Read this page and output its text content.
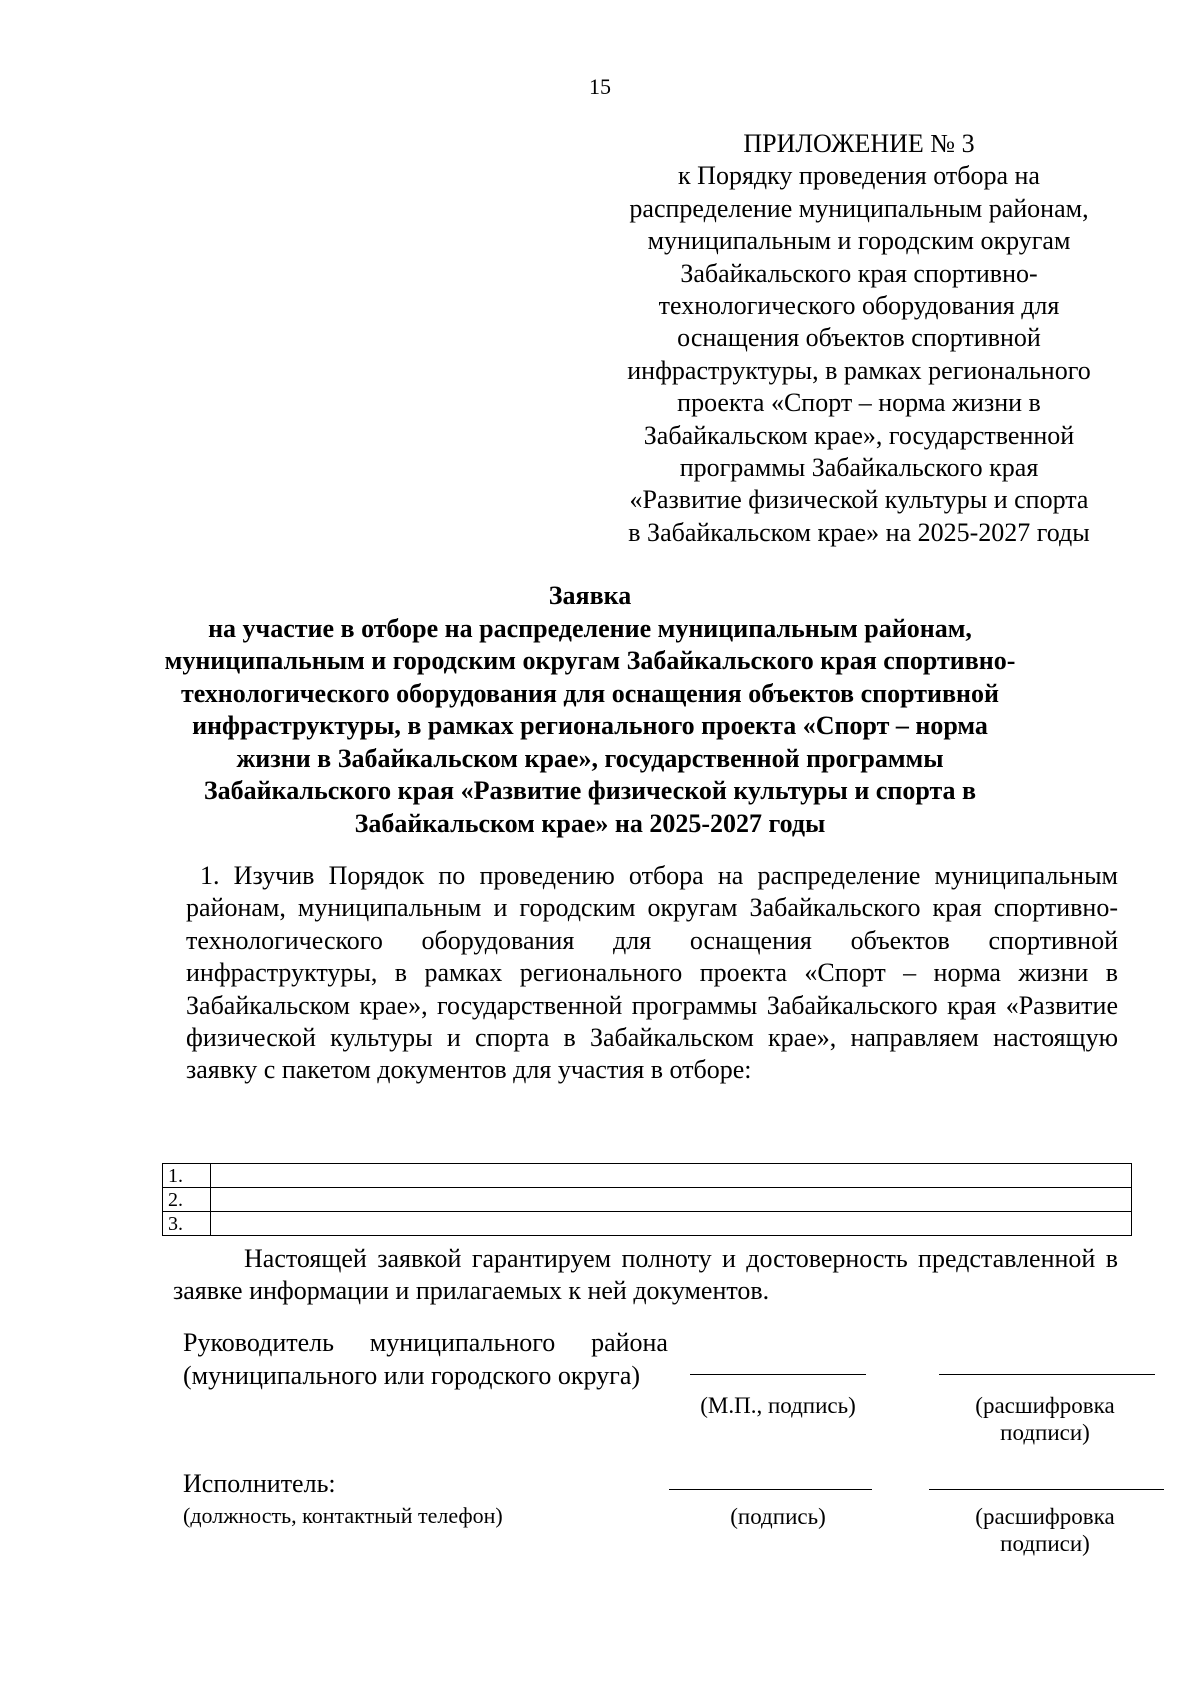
15
ПРИЛОЖЕНИЕ № 3
к Порядку проведения отбора на
распределение муниципальным районам,
муниципальным и городским округам
Забайкальского края спортивно-
технологического оборудования для
оснащения объектов спортивной
инфраструктуры, в рамках регионального
проекта «Спорт – норма жизни в
Забайкальском крае», государственной
программы Забайкальского края
«Развитие физической культуры и спорта
в Забайкальском крае» на 2025-2027 годы
Заявка
на участие в отборе на распределение муниципальным районам,
муниципальным и городским округам Забайкальского края спортивно-
технологического оборудования для оснащения объектов спортивной
инфраструктуры, в рамках регионального проекта «Спорт – норма
жизни в Забайкальском крае», государственной программы
Забайкальского края «Развитие физической культуры и спорта в
Забайкальском крае» на 2025-2027 годы

1. Изучив Порядок по проведению отбора на распределение муниципальным районам, муниципальным и городским округам Забайкальского края спортивно-технологического оборудования для оснащения объектов спортивной инфраструктуры, в рамках регионального проекта «Спорт – норма жизни в Забайкальском крае», государственной программы Забайкальского края «Развитие физической культуры и спорта в Забайкальском крае», направляем настоящую заявку с пакетом документов для участия в отборе:

1.	
2.	
3.	

Настоящей заявкой гарантируем полноту и достоверность представленной в заявке информации и прилагаемых к ней документов.

Руководитель муниципального района
(муниципального или городского округа)
(М.П., подпись)	(расшифровка
подписи)
Исполнитель:
(должность, контактный телефон)	(подпись)	(расшифровка
подписи)
